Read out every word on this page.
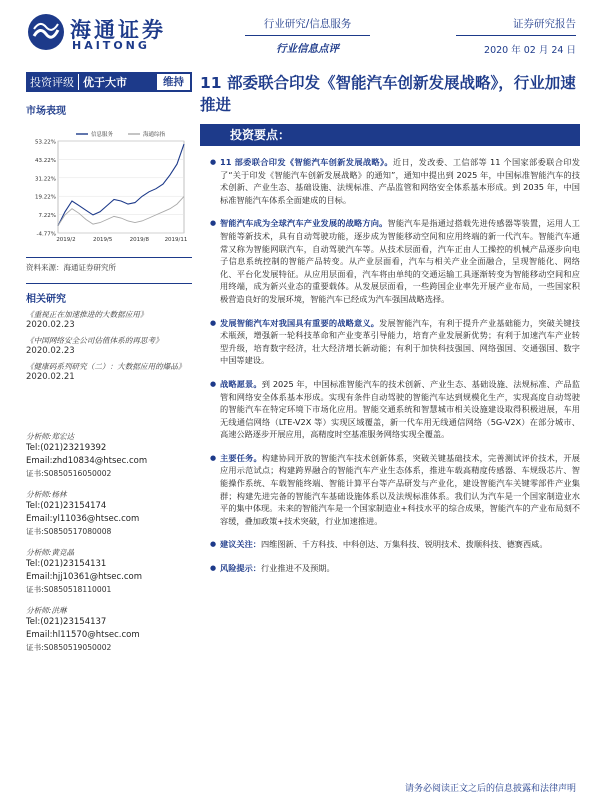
海通证券
HAITONG
行业研究/信息服务
行业信息点评
证券研究报告
2020 年 02 月 24 日
投资评级 优于大市	维持
市场表现
53.22%
43.22%
31.22%
19.22%
7.22%
-4.77%
2019/2	2019/5	2019/8	2019/11
信息服务	海通综指
资料来源：海通证券研究所
相关研究
《重视正在加速推进的大数据应用》
2020.02.23
《中国网络安全公司估值体系的再思考》
2020.02.23
《健康码系列研究（二）：大数据应用的爆品》
2020.02.21
分析师:郑宏达
Tel:(021)23219392
Email:zhd10834@htsec.com
证书:S0850516050002
分析师:杨林
Tel:(021)23154174
Email:yl11036@htsec.com
证书:S0850517080008
分析师:黄竞晶
Tel:(021)23154131
Email:hjj10361@htsec.com
证书:S0850518110001
分析师:洪琳
Tel:(021)23154137
Email:hl11570@htsec.com
证书:S0850519050002
11 部委联合印发《智能汽车创新发展战略》，行业加速推进
投资要点：
● 11 部委联合印发《智能汽车创新发展战略》。近日，发改委、工信部等 11 个国家部委联合印发了“关于印发《智能汽车创新发展战略》的通知”，通知中提出到 2025 年，中国标准智能汽车的技术创新、产业生态、基础设施、法规标准、产品监管和网络安全体系基本形成。到 2035 年，中国标准智能汽车体系全面建成的目标。
● 智能汽车成为全球汽车产业发展的战略方向。智能汽车是指通过搭载先进传感器等装置，运用人工智能等新技术，具有自动驾驶功能，逐步成为智能移动空间和应用终端的新一代汽车。智能汽车通常又称为智能网联汽车，自动驾驶汽车等。从技术层面看，汽车正由人工操控的机械产品逐步向电子信息系统控制的智能产品转变。从产业层面看，汽车与相关产业全面融合，呈现智能化、网络化、平台化发展特征。从应用层面看，汽车将由单纯的交通运输工具逐渐转变为智能移动空间和应用终端，成为新兴业态的重要载体。从发展层面看，一些跨国企业率先开展产业布局，一些国家积极营造良好的发展环境，智能汽车已经成为汽车强国战略选择。
● 发展智能汽车对我国具有重要的战略意义。发展智能汽车，有利于提升产业基础能力，突破关键技术瓶颈，增强新一轮科技革命和产业变革引导能力，培育产业发展新优势；有利于加速汽车产业转型升级，培育数字经济，壮大经济增长新动能；有利于加快科技强国、网络强国、交通强国、数字中国等建设。
● 战略愿景。到 2025 年，中国标准智能汽车的技术创新、产业生态、基础设施、法规标准、产品监管和网络安全体系基本形成。实现有条件自动驾驶的智能汽车达到规模化生产，实现高度自动驾驶的智能汽车在特定环境下市场化应用。智能交通系统和智慧城市相关设施建设取得积极进展，车用无线通信网络（LTE-V2X 等）实现区域覆盖，新一代车用无线通信网络（5G-V2X）在部分城市、高速公路逐步开展应用，高精度时空基准服务网络实现全覆盖。
● 主要任务。构建协同开放的智能汽车技术创新体系，突破关键基础技术，完善测试评价技术，开展应用示范试点；构建跨界融合的智能汽车产业生态体系，推进车载高精度传感器、车规级芯片、智能操作系统、车载智能终端、智能计算平台等产品研发与产业化，建设智能汽车关键零部件产业集群；构建先进完备的智能汽车基础设施体系以及法规标准体系。我们认为汽车是一个国家制造业水平的集中体现。未来的智能汽车是一个国家制造业+科技水平的综合成果，智能汽车的产业布局刻不容缓，叠加政策+技术突破，行业加速推进。
● 建议关注：四维图新、千方科技、中科创达、万集科技、锐明技术、拨顺科技、德赛西威。
● 风险提示：行业推进不及预期。
请务必阅读正文之后的信息披露和法律声明
